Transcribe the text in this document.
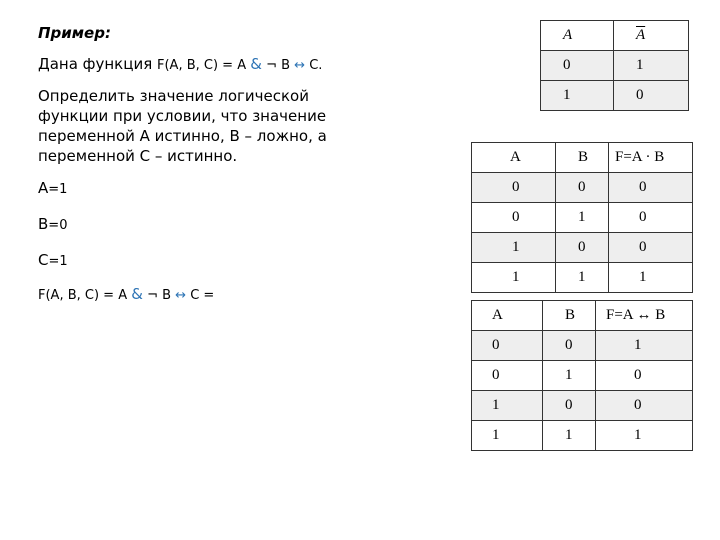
Пример:
Дана функция F(A, B, C) = A & ¬ B ↔ C.
Определить значение логической функции при условии, что значение переменной A истинно, B – ложно, а переменной C – истинно.
А=1
В=0
С=1
F(A, B, C) = A & ¬ B ↔ C =
A	$\overline{A}$
0	1
1	0
A	B	F=A · B
0	0	0
0	1	0
1	0	0
1	1	1
A	B	F=A ↔ B
0	0	1
0	1	0
1	0	0
1	1	1
